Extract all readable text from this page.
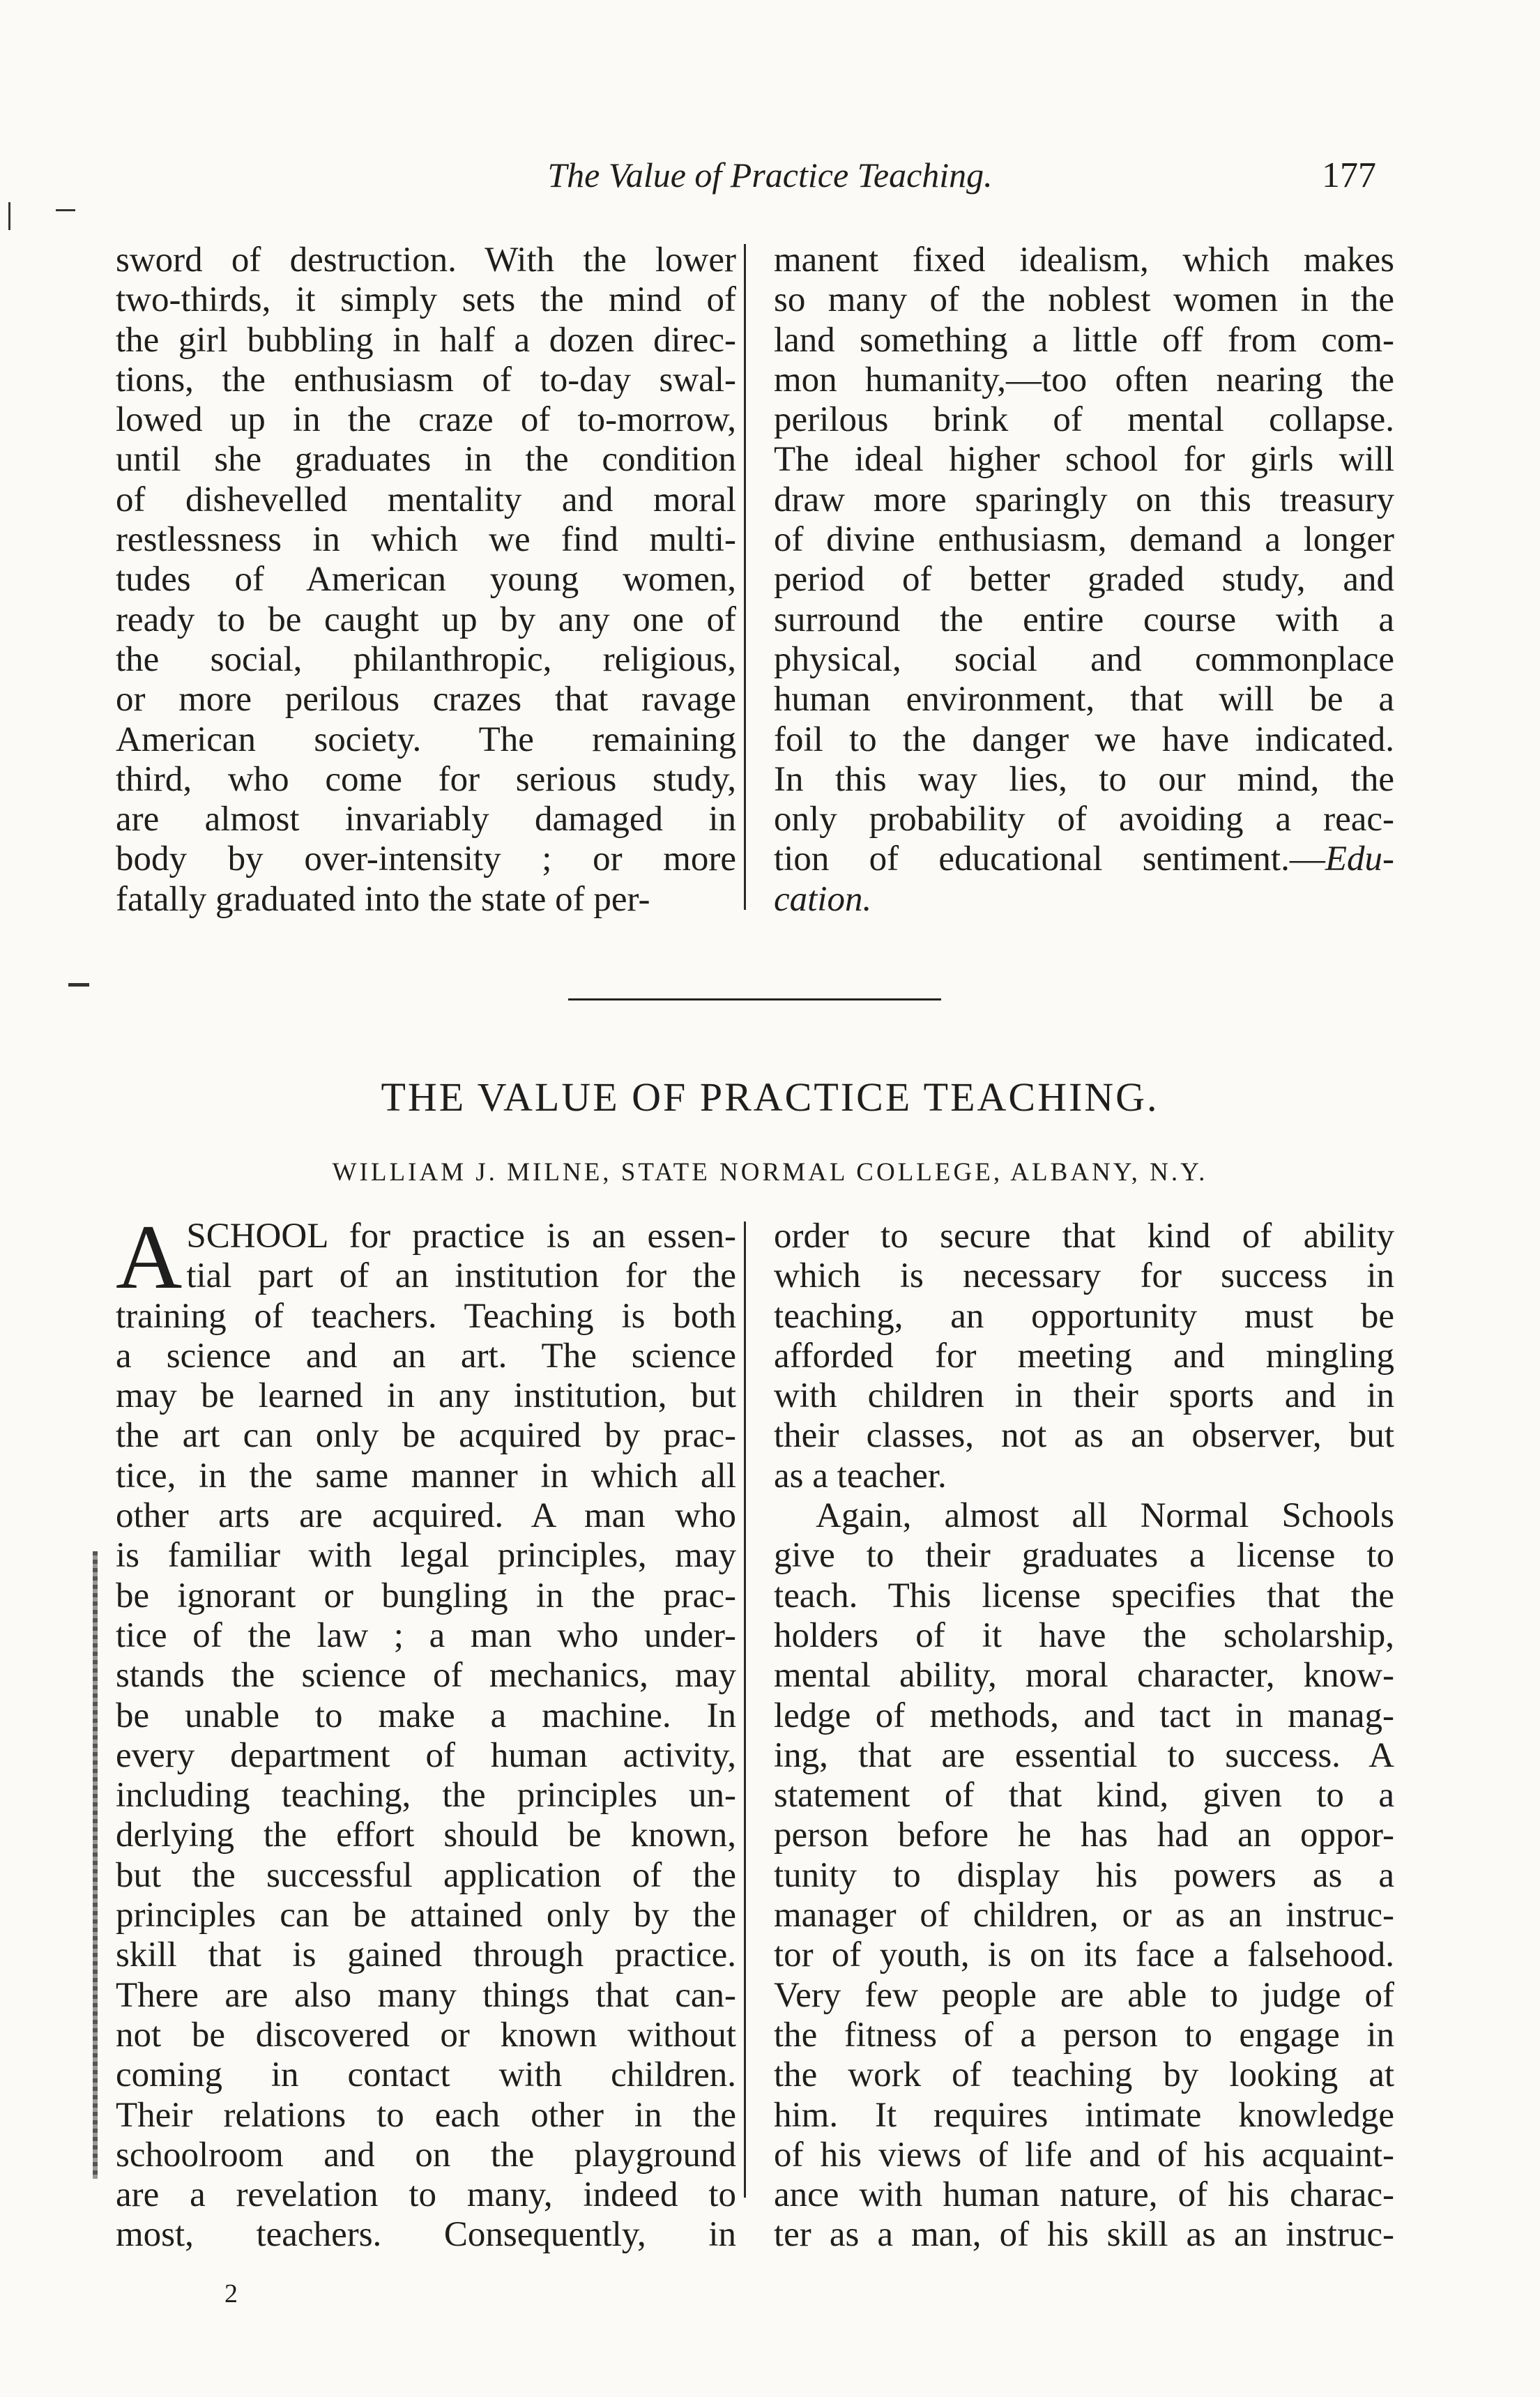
The Value of Practice Teaching.	177
sword of destruction. With the lower
two-thirds, it simply sets the mind of
the girl bubbling in half a dozen direc-
tions, the enthusiasm of to-day swal-
lowed up in the craze of to-morrow,
until she graduates in the condition
of dishevelled mentality and moral
restlessness in which we find multi-
tudes of American young women,
ready to be caught up by any one of
the social, philanthropic, religious,
or more perilous crazes that ravage
American society. The remaining
third, who come for serious study,
are almost invariably damaged in
body by over-intensity ; or more
fatally graduated into the state of per-
manent fixed idealism, which makes
so many of the noblest women in the
land something a little off from com-
mon humanity,—too often nearing the
perilous brink of mental collapse.
The ideal higher school for girls will
draw more sparingly on this treasury
of divine enthusiasm, demand a longer
period of better graded study, and
surround the entire course with a
physical, social and commonplace
human environment, that will be a
foil to the danger we have indicated.
In this way lies, to our mind, the
only probability of avoiding a reac-
tion of educational sentiment.—Edu-
cation.
THE VALUE OF PRACTICE TEACHING.
WILLIAM J. MILNE, STATE NORMAL COLLEGE, ALBANY, N.Y.
A SCHOOL for practice is an essen-
tial part of an institution for the
training of teachers. Teaching is both
a science and an art. The science
may be learned in any institution, but
the art can only be acquired by prac-
tice, in the same manner in which all
other arts are acquired. A man who
is familiar with legal principles, may
be ignorant or bungling in the prac-
tice of the law ; a man who under-
stands the science of mechanics, may
be unable to make a machine. In
every department of human activity,
including teaching, the principles un-
derlying the effort should be known,
but the successful application of the
principles can be attained only by the
skill that is gained through practice.
There are also many things that can-
not be discovered or known without
coming in contact with children.
Their relations to each other in the
schoolroom and on the playground
are a revelation to many, indeed to
most, teachers. Consequently, in
order to secure that kind of ability
which is necessary for success in
teaching, an opportunity must be
afforded for meeting and mingling
with children in their sports and in
their classes, not as an observer, but
as a teacher.
Again, almost all Normal Schools
give to their graduates a license to
teach. This license specifies that the
holders of it have the scholarship,
mental ability, moral character, know-
ledge of methods, and tact in manag-
ing, that are essential to success. A
statement of that kind, given to a
person before he has had an oppor-
tunity to display his powers as a
manager of children, or as an instruc-
tor of youth, is on its face a falsehood.
Very few people are able to judge of
the fitness of a person to engage in
the work of teaching by looking at
him. It requires intimate knowledge
of his views of life and of his acquaint-
ance with human nature, of his charac-
ter as a man, of his skill as an instruc-
2
